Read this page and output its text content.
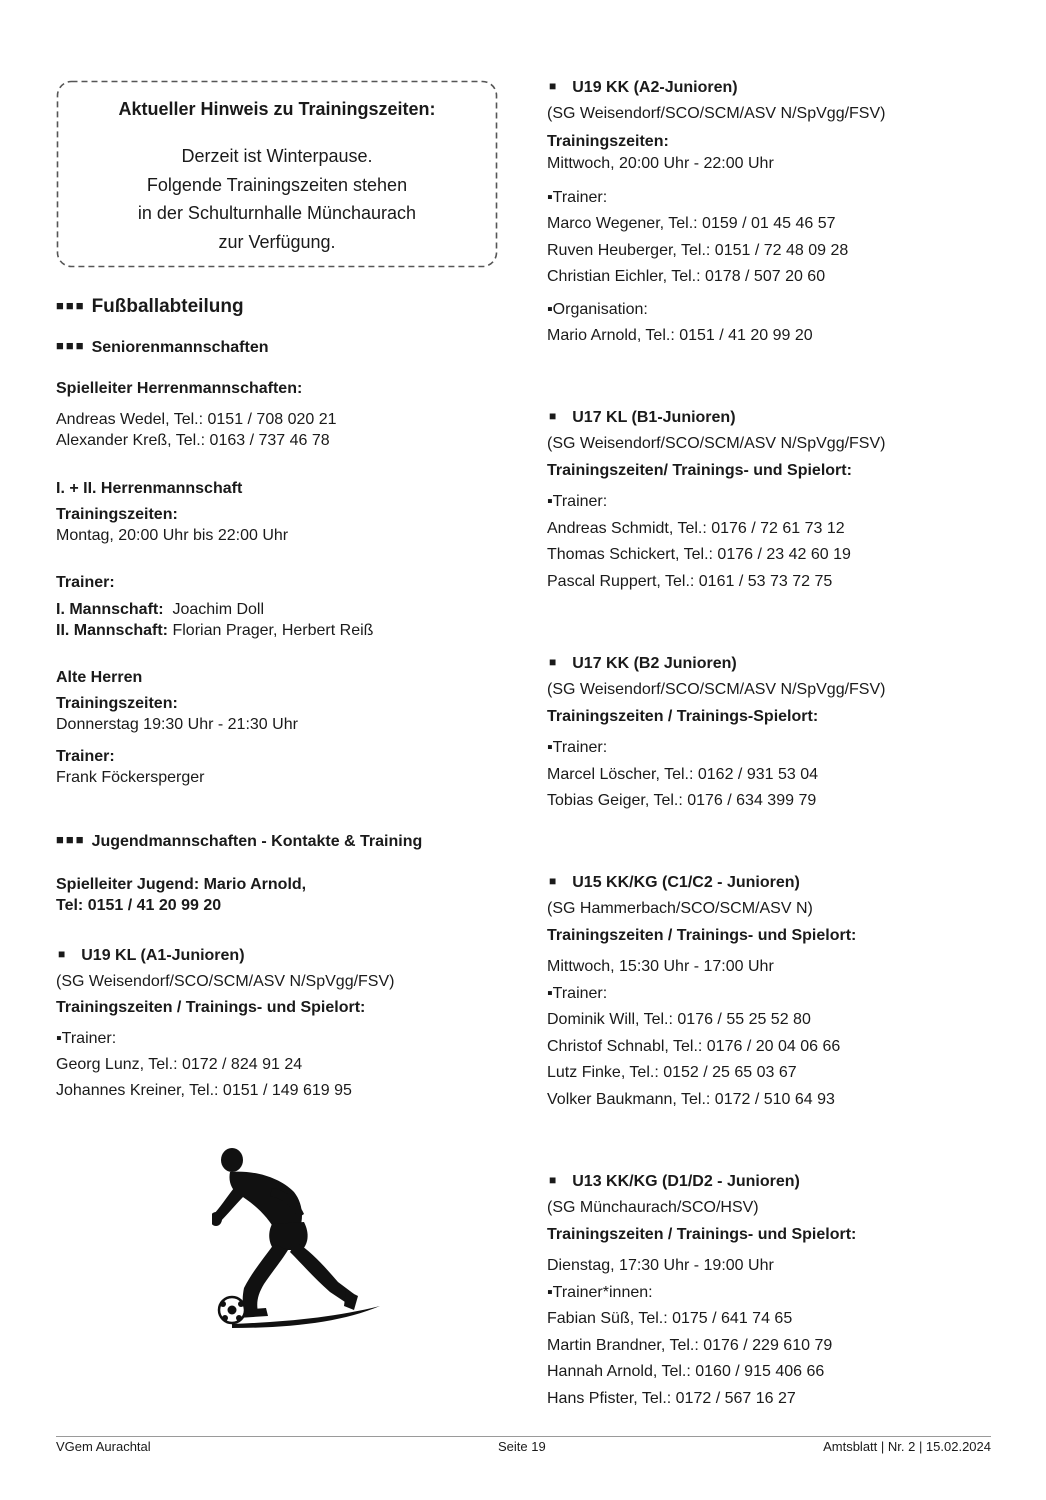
Aktueller Hinweis zu Trainingszeiten:
Derzeit ist Winterpause.
Folgende Trainingszeiten stehen
in der Schulturnhalle Münchaurach
zur Verfügung.
■■■ Fußballabteilung
■■■ Seniorenmannschaften
Spielleiter Herrenmannschaften:
Andreas Wedel, Tel.: 0151 / 708 020 21
Alexander Kreß, Tel.: 0163 / 737 46 78
I. + II. Herrenmannschaft
Trainingszeiten:
Montag, 20:00 Uhr bis 22:00 Uhr
Trainer:
I. Mannschaft: Joachim Doll
II. Mannschaft: Florian Prager, Herbert Reiß
Alte Herren
Trainingszeiten:
Donnerstag 19:30 Uhr - 21:30 Uhr
Trainer:
Frank Föckersperger
■■■ Jugendmannschaften - Kontakte & Training
Spielleiter Jugend: Mario Arnold,
Tel: 0151 / 41 20 99 20
■ U19 KL (A1-Junioren)
(SG Weisendorf/SCO/SCM/ASV N/SpVgg/FSV)
Trainingszeiten / Trainings- und Spielort:
▪Trainer:
Georg Lunz, Tel.: 0172 / 824 91 24
Johannes Kreiner, Tel.: 0151 / 149 619 95
■ U19 KK (A2-Junioren)
(SG Weisendorf/SCO/SCM/ASV N/SpVgg/FSV)
Trainingszeiten:
Mittwoch, 20:00 Uhr - 22:00 Uhr
▪Trainer:
Marco Wegener, Tel.: 0159 / 01 45 46 57
Ruven Heuberger, Tel.: 0151 / 72 48 09 28
Christian Eichler, Tel.: 0178 / 507 20 60
▪Organisation:
Mario Arnold, Tel.: 0151 / 41 20 99 20
■ U17 KL (B1-Junioren)
(SG Weisendorf/SCO/SCM/ASV N/SpVgg/FSV)
Trainingszeiten/ Trainings- und Spielort:
▪Trainer:
Andreas Schmidt, Tel.: 0176 / 72 61 73 12
Thomas Schickert, Tel.: 0176 / 23 42 60 19
Pascal Ruppert, Tel.: 0161 / 53 73 72 75
■ U17 KK (B2 Junioren)
(SG Weisendorf/SCO/SCM/ASV N/SpVgg/FSV)
Trainingszeiten / Trainings-Spielort:
▪Trainer:
Marcel Löscher, Tel.: 0162 / 931 53 04
Tobias Geiger, Tel.: 0176 / 634 399 79
■ U15 KK/KG (C1/C2 - Junioren)
(SG Hammerbach/SCO/SCM/ASV N)
Trainingszeiten / Trainings- und Spielort:
Mittwoch, 15:30 Uhr - 17:00 Uhr
▪Trainer:
Dominik Will, Tel.: 0176 / 55 25 52 80
Christof Schnabl, Tel.: 0176 / 20 04 06 66
Lutz Finke, Tel.: 0152 / 25 65 03 67
Volker Baukmann, Tel.: 0172 / 510 64 93
■ U13 KK/KG (D1/D2 - Junioren)
(SG Münchaurach/SCO/HSV)
Trainingszeiten / Trainings- und Spielort:
Dienstag, 17:30 Uhr - 19:00 Uhr
▪Trainer*innen:
Fabian Süß, Tel.: 0175 / 641 74 65
Martin Brandner, Tel.: 0176 / 229 610 79
Hannah Arnold, Tel.: 0160 / 915 406 66
Hans Pfister, Tel.: 0172 / 567 16 27
VGem Aurachtal	Seite 19	Amtsblatt | Nr. 2 | 15.02.2024
